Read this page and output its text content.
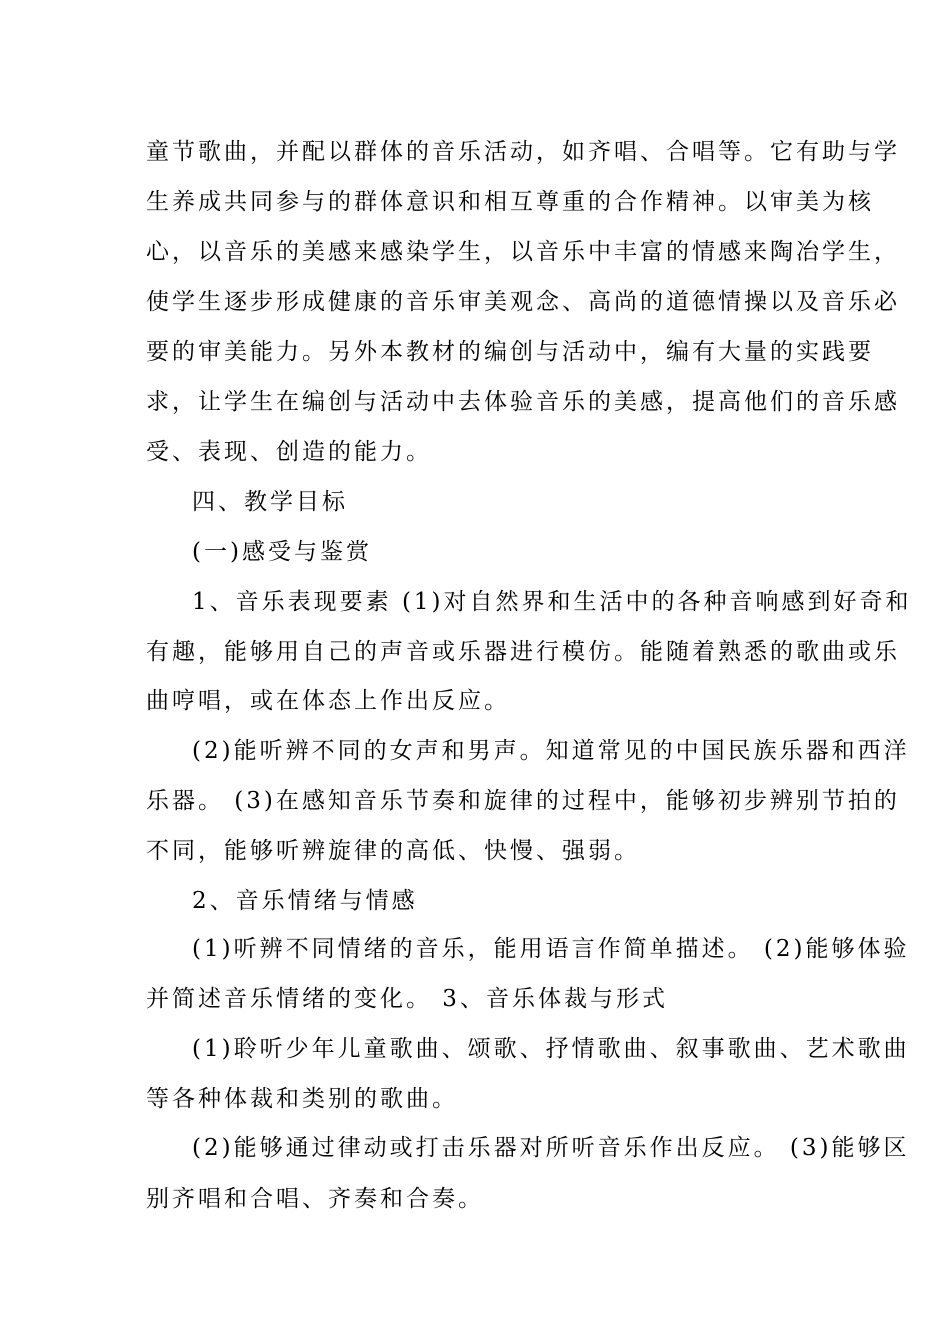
童节歌曲，并配以群体的音乐活动，如齐唱、合唱等。它有助与学
生养成共同参与的群体意识和相互尊重的合作精神。以审美为核
心，以音乐的美感来感染学生，以音乐中丰富的情感来陶冶学生，
使学生逐步形成健康的音乐审美观念、高尚的道德情操以及音乐必
要的审美能力。另外本教材的编创与活动中，编有大量的实践要
求，让学生在编创与活动中去体验音乐的美感，提高他们的音乐感
受、表现、创造的能力。
四、教学目标
(一)感受与鉴赏
1、音乐表现要素 (1)对自然界和生活中的各种音响感到好奇和
有趣，能够用自己的声音或乐器进行模仿。能随着熟悉的歌曲或乐
曲哼唱，或在体态上作出反应。
(2)能听辨不同的女声和男声。知道常见的中国民族乐器和西洋
乐器。 (3)在感知音乐节奏和旋律的过程中，能够初步辨别节拍的
不同，能够听辨旋律的高低、快慢、强弱。
2、音乐情绪与情感
(1)听辨不同情绪的音乐，能用语言作简单描述。 (2)能够体验
并简述音乐情绪的变化。 3、音乐体裁与形式
(1)聆听少年儿童歌曲、颂歌、抒情歌曲、叙事歌曲、艺术歌曲
等各种体裁和类别的歌曲。
(2)能够通过律动或打击乐器对所听音乐作出反应。 (3)能够区
别齐唱和合唱、齐奏和合奏。
